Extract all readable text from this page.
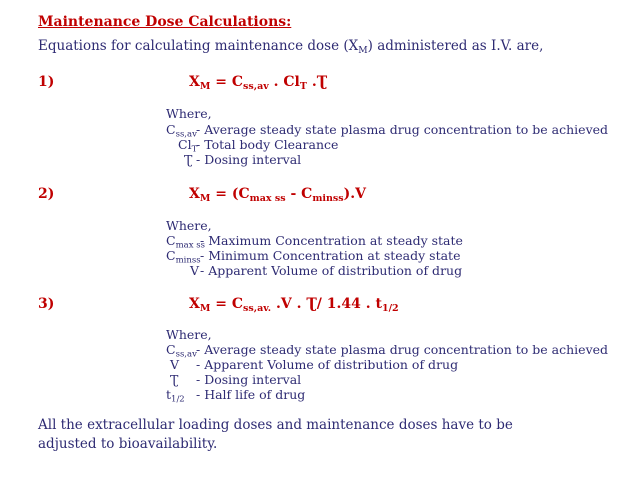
Maintenance Dose Calculations:
Equations for calculating maintenance dose $(X_M)$ administered as I.V. are,
1)	$X_M = C_{ss,av}$ . $Cl_T$ .Ʈ
Where,
$C_{ss,av}-$ Average steady state plasma drug concentration to be achieved
$Cl_T-$ Total body Clearance
Ʈ - Dosing interval
2)	$X_M = (C_{max ss} - C_{minss}).V$
Where,
$C_{max ss}-$ Maximum Concentration at steady state
$C_{minss}-$ Minimum Concentration at steady state
V- Apparent Volume of distribution of drug
3)	$X_M = C_{ss,av.}$ .V . Ʈ/ 1.44 . $t_{1/2}$
Where,
$C_{ss,av}-$ Average steady state plasma drug concentration to be achieved
V - Apparent Volume of distribution of drug
Ʈ - Dosing interval
$t_{1/2}$ - Half life of drug
All the extracellular loading doses and maintenance doses have to be adjusted to bioavailability.
